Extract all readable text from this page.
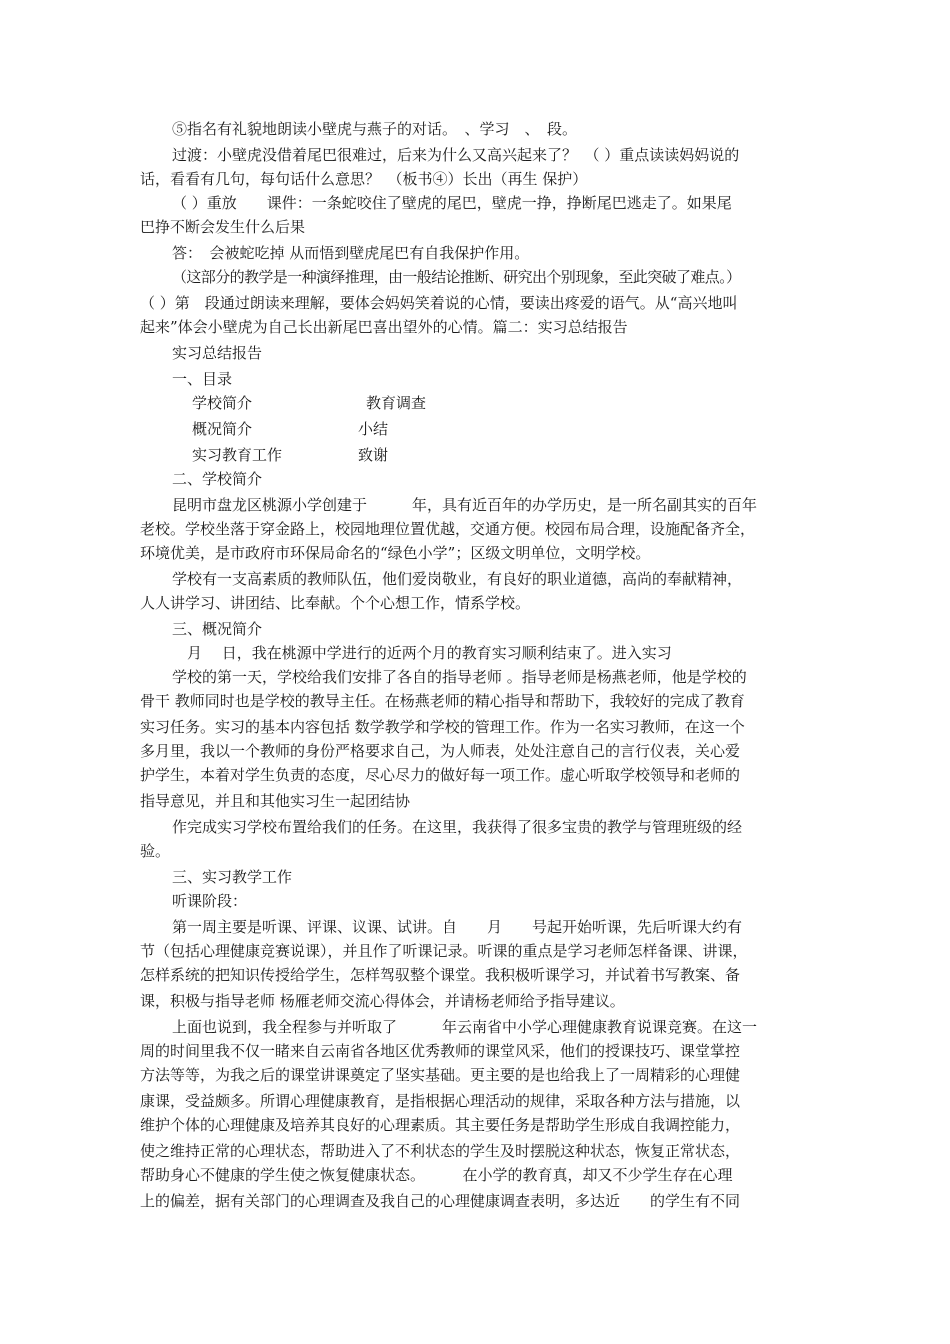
⑤指名有礼貌地朗读小壁虎与燕子的对话。　、学习　、　段。

过渡：小壁虎没借着尾巴很难过，后来为什么又高兴起来了？　（ ）重点读读妈妈说的

话，看看有几句，每句话什么意思？　（板书④）长出（再生 保护）

（ ）重放　　课件：一条蛇咬住了壁虎的尾巴，壁虎一挣，挣断尾巴逃走了。如果尾

巴挣不断会发生什么后果

答：　会被蛇吃掉 从而悟到壁虎尾巴有自我保护作用。

（这部分的教学是一种演绎推理，由一般结论推断、研究出个别现象，至此突破了难点。）

（ ）第　段通过朗读来理解，要体会妈妈笑着说的心情，要读出疼爱的语气。从“高兴地叫

起来”体会小壁虎为自己长出新尾巴喜出望外的心情。篇二：实习总结报告

实习总结报告

一、目录

学校简介	教育调查

概况简介	小结

实习教育工作	致谢

二、学校简介

昆明市盘龙区桃源小学创建于　　　年，具有近百年的办学历史，是一所名副其实的百年

老校。学校坐落于穿金路上，校园地理位置优越，交通方便。校园布局合理，设施配备齐全，

环境优美，是市政府市环保局命名的“绿色小学”；区级文明单位，文明学校。

学校有一支高素质的教师队伍，他们爱岗敬业，有良好的职业道德，高尚的奉献精神，

人人讲学习、讲团结、比奉献。个个心想工作，情系学校。

三、概况简介

　月　 日，我在桃源中学进行的近两个月的教育实习顺利结束了。进入实习

学校的第一天，学校给我们安排了各自的指导老师 。指导老师是杨燕老师，他是学校的

骨干 教师同时也是学校的教导主任。在杨燕老师的精心指导和帮助下，我较好的完成了教育

实习任务。实习的基本内容包括 数学教学和学校的管理工作。作为一名实习教师，在这一个

多月里，我以一个教师的身份严格要求自己，为人师表，处处注意自己的言行仪表，关心爱

护学生，本着对学生负责的态度，尽心尽力的做好每一项工作。虚心听取学校领导和老师的

指导意见，并且和其他实习生一起团结协

作完成实习学校布置给我们的任务。在这里，我获得了很多宝贵的教学与管理班级的经

验。

三、实习教学工作

听课阶段：

第一周主要是听课、评课、议课、试讲。自　　月　　号起开始听课，先后听课大约有

节（包括心理健康竞赛说课），并且作了听课记录。听课的重点是学习老师怎样备课、讲课，

怎样系统的把知识传授给学生，怎样驾驭整个课堂。我积极听课学习，并试着书写教案、备

课，积极与指导老师 杨雁老师交流心得体会，并请杨老师给予指导建议。

上面也说到，我全程参与并听取了　　　年云南省中小学心理健康教育说课竞赛。在这一

周的时间里我不仅一睹来自云南省各地区优秀教师的课堂风采，他们的授课技巧、课堂掌控

方法等等，为我之后的课堂讲课奠定了坚实基础。更主要的是也给我上了一周精彩的心理健

康课，受益颇多。所谓心理健康教育，是指根据心理活动的规律，采取各种方法与措施，以

维护个体的心理健康及培养其良好的心理素质。其主要任务是帮助学生形成自我调控能力，

使之维持正常的心理状态，帮助进入了不利状态的学生及时摆脱这种状态，恢复正常状态，

帮助身心不健康的学生使之恢复健康状态。　　　在小学的教育真，却又不少学生存在心理

上的偏差，据有关部门的心理调查及我自己的心理健康调查表明，多达近　　的学生有不同
